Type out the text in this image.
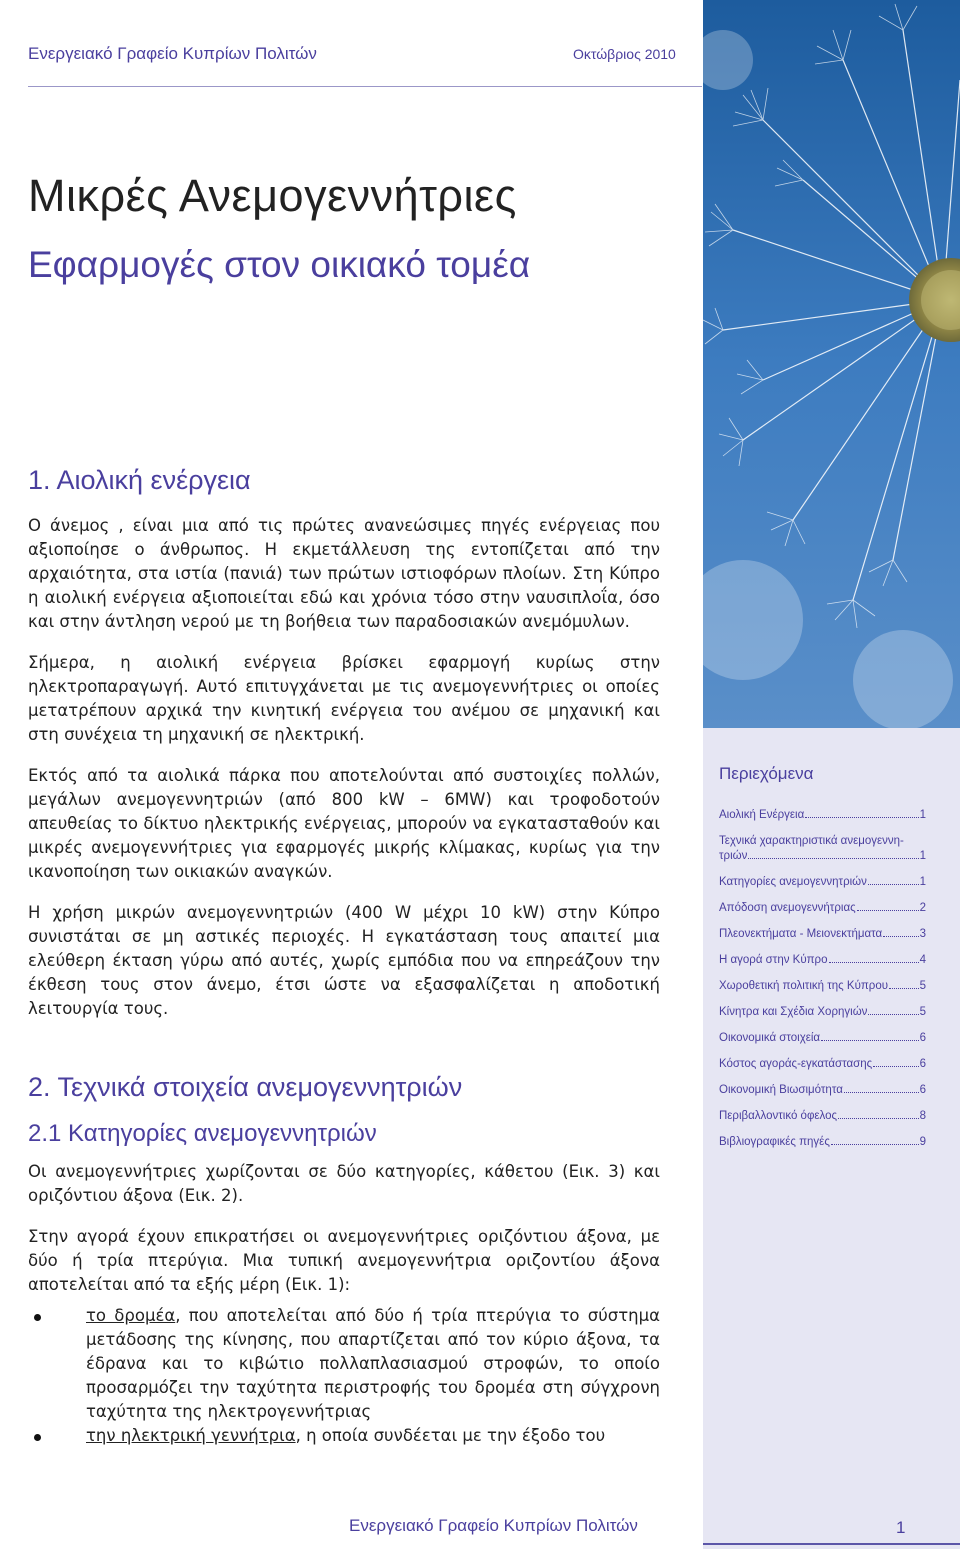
Ενεργειακό Γραφείο Κυπρίων Πολιτών	Οκτώβριος 2010
Μικρές Ανεμογεννήτριες
Εφαρμογές στον οικιακό τομέα
1. Αιολική ενέργεια

Ο άνεμος , είναι μια από τις πρώτες ανανεώσιμες πηγές ενέργειας που αξιοποίησε ο άνθρωπος. Η εκμετάλλευση της εντοπίζεται από την αρχαιότητα, στα ιστία (πανιά) των πρώτων ιστιοφόρων πλοίων. Στη Κύπρο η αιολική ενέργεια αξιοποιείται εδώ και χρόνια τόσο στην ναυσιπλοΐα, όσο και στην άντληση νερού με τη βοήθεια των παραδοσιακών ανεμόμυλων.

Σήμερα, η αιολική ενέργεια βρίσκει εφαρμογή κυρίως στην ηλεκτροπαραγωγή. Αυτό επιτυγχάνεται με τις ανεμογεννήτριες οι οποίες μετατρέπουν αρχικά την κινητική ενέργεια του ανέμου σε μηχανική και στη συνέχεια τη μηχανική σε ηλεκτρική.

Εκτός από τα αιολικά πάρκα που αποτελούνται από συστοιχίες πολλών, μεγάλων ανεμογεννητριών (από 800 kW – 6MW) και τροφοδοτούν απευθείας το δίκτυο ηλεκτρικής ενέργειας, μπορούν να εγκατασταθούν και μικρές ανεμογεννήτριες για εφαρμογές μικρής κλίμακας, κυρίως για την ικανοποίηση των οικιακών αναγκών.

Η χρήση μικρών ανεμογεννητριών (400 W μέχρι 10 kW) στην Κύπρο συνιστάται σε μη αστικές περιοχές. Η εγκατάσταση τους απαιτεί μια ελεύθερη έκταση γύρω από αυτές, χωρίς εμπόδια που να επηρεάζουν την έκθεση τους στον άνεμο, έτσι ώστε να εξασφαλίζεται η αποδοτική λειτουργία τους.

2. Τεχνικά στοιχεία ανεμογεννητριών
2.1 Κατηγορίες ανεμογεννητριών

Οι ανεμογεννήτριες χωρίζονται σε δύο κατηγορίες, κάθετου (Εικ. 3) και οριζόντιου άξονα (Εικ. 2).

Στην αγορά έχουν επικρατήσει οι ανεμογεννήτριες οριζόντιου άξονα, με δύο ή τρία πτερύγια. Μια τυπική ανεμογεννήτρια οριζοντίου άξονα αποτελείται από τα εξής μέρη (Εικ. 1):

το δρομέα, που αποτελείται από δύο ή τρία πτερύγια το σύστημα μετάδοσης της κίνησης, που απαρτίζεται από τον κύριο άξονα, τα έδρανα και το κιβώτιο πολλαπλασιασμού στροφών, το οποίο προσαρμόζει την ταχύτητα περιστροφής του δρομέα στη σύγχρονη ταχύτητα της ηλεκτρογεννήτριας
την ηλεκτρική γεννήτρια, η οποία συνδέεται με την έξοδο του
Περιεχόμενα
Αιολική Ενέργεια	1
Τεχνικά χαρακτηριστικά ανεμογεννη-
τριών	1
Κατηγορίες ανεμογεννητριών	1
Απόδοση ανεμογεννήτριας	2
Πλεονεκτήματα - Μειονεκτήματα	3
Η αγορά στην Κύπρο	4
Χωροθετική πολιτική της Κύπρου	5
Κίνητρα και Σχέδια Χορηγιών	5
Οικονομικά στοιχεία	6
Κόστος αγοράς-εγκατάστασης	6
Οικονομική Βιωσιμότητα	6
Περιβαλλοντικό όφελος	8
Βιβλιογραφικές πηγές	9
Ενεργειακό Γραφείο Κυπρίων Πολιτών	1
